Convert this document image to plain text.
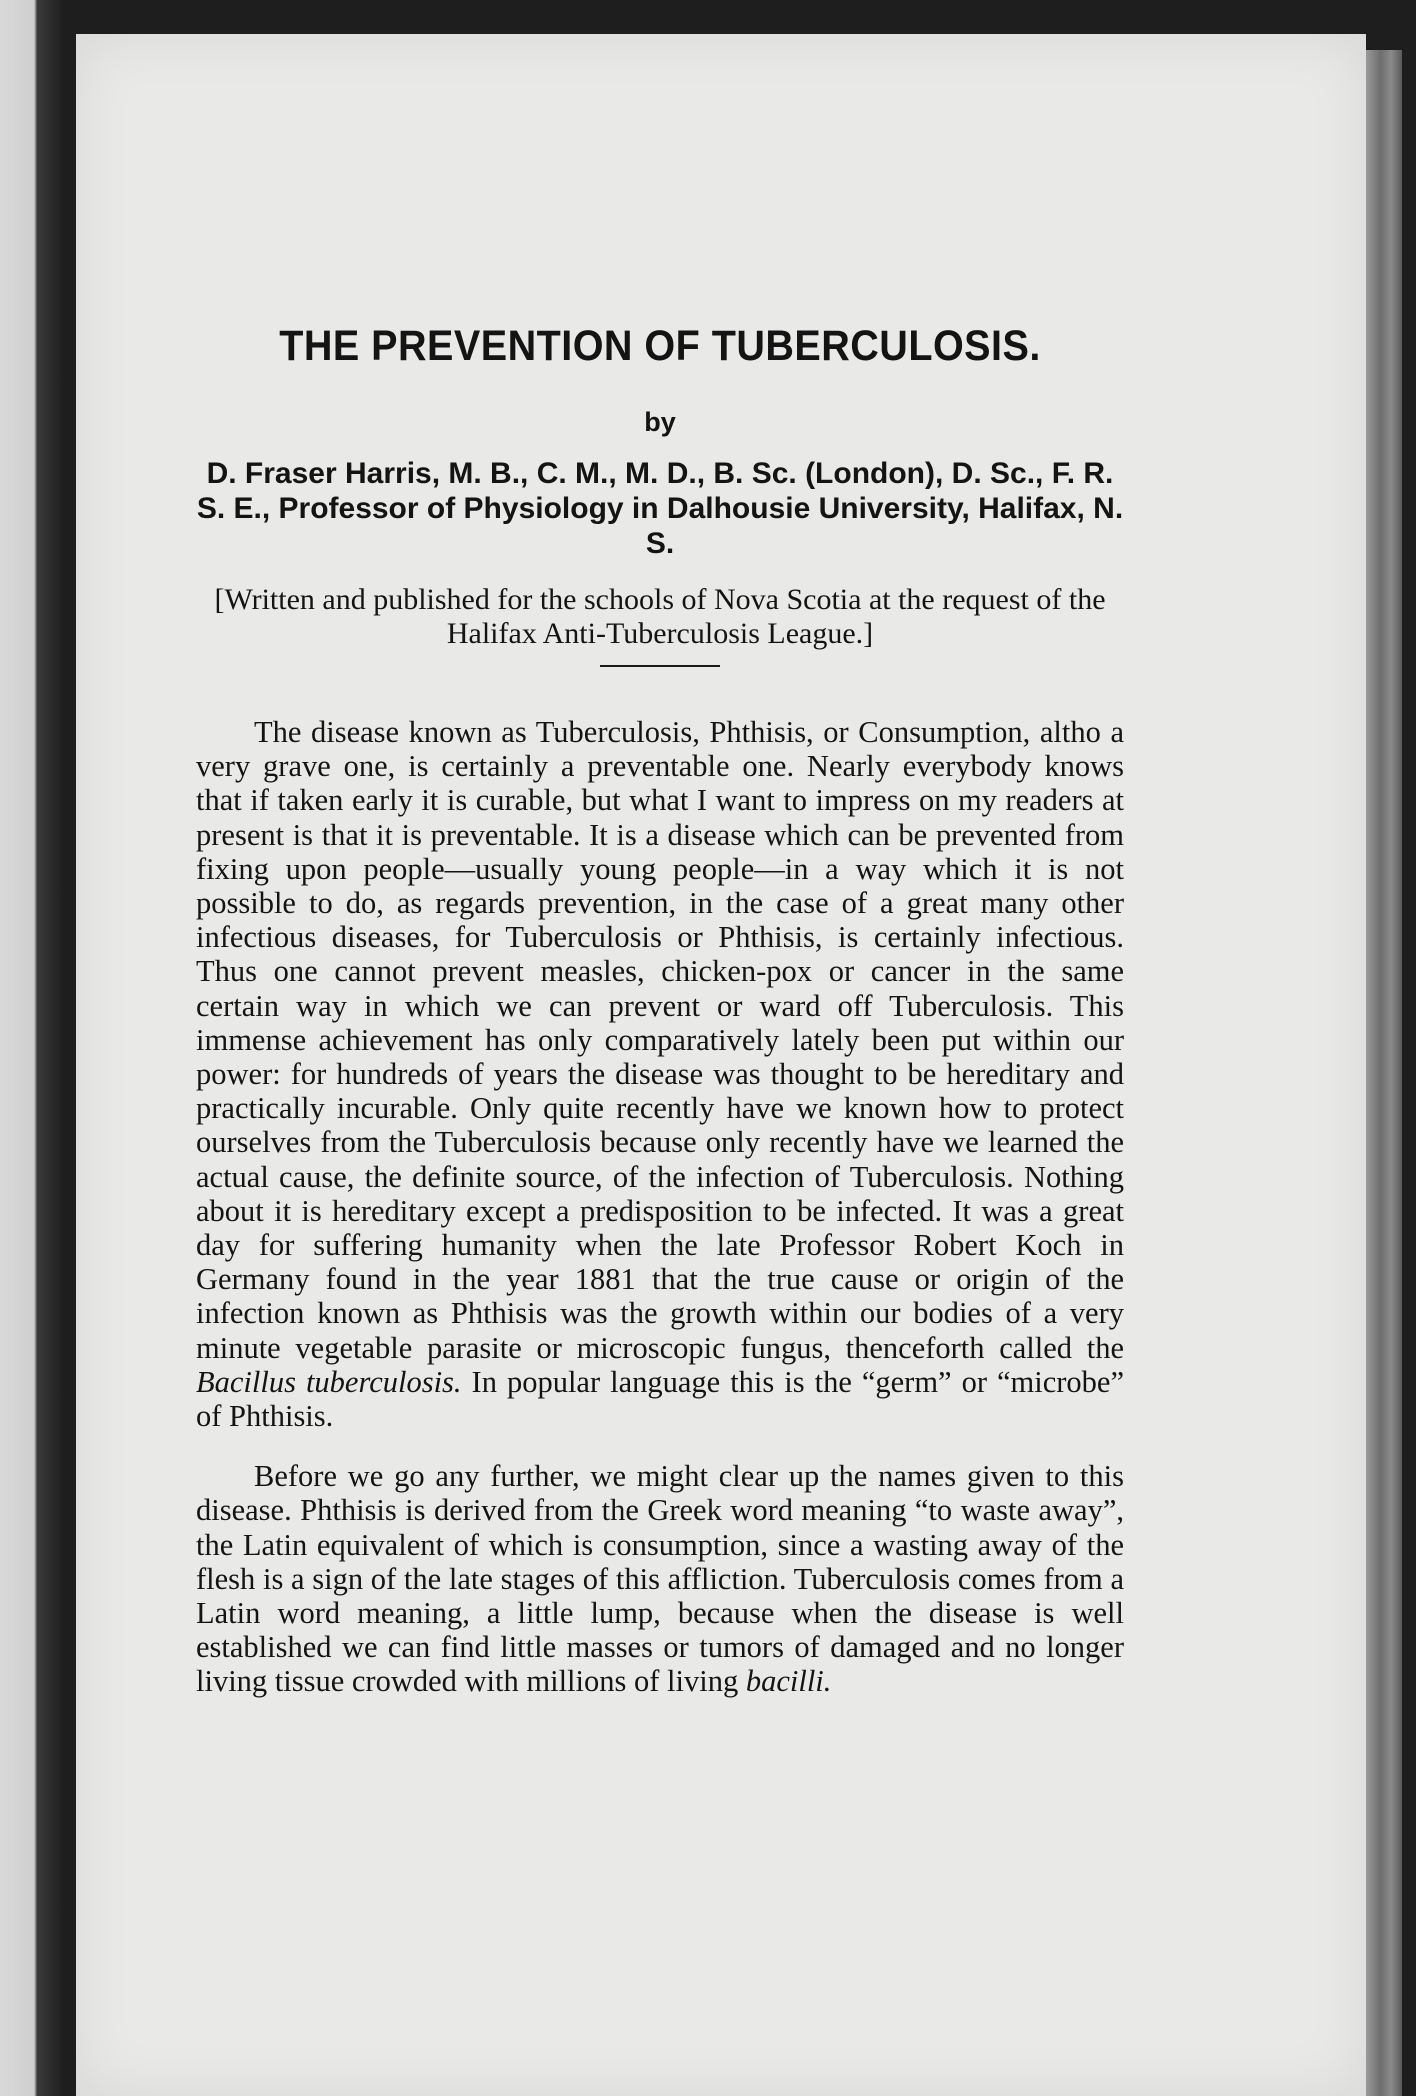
THE PREVENTION OF TUBERCULOSIS.
by
D. Fraser Harris, M. B., C. M., M. D., B. Sc. (London), D. Sc., F. R. S. E., Professor of Physiology in Dalhousie University, Halifax, N. S.
[Written and published for the schools of Nova Scotia at the request of the Halifax Anti-Tuberculosis League.]

The disease known as Tuberculosis, Phthisis, or Consumption, altho a very grave one, is certainly a preventable one. Nearly everybody knows that if taken early it is curable, but what I want to impress on my readers at present is that it is preventable. It is a disease which can be prevented from fixing upon people—usually young people—in a way which it is not possible to do, as regards prevention, in the case of a great many other infectious diseases, for Tuberculosis or Phthisis, is certainly infectious. Thus one cannot prevent measles, chicken-pox or cancer in the same certain way in which we can prevent or ward off Tuberculosis. This immense achievement has only comparatively lately been put within our power: for hundreds of years the disease was thought to be hereditary and practically incurable. Only quite recently have we known how to protect ourselves from the Tuberculosis because only recently have we learned the actual cause, the definite source, of the infection of Tuberculosis. Nothing about it is hereditary except a predisposition to be infected. It was a great day for suffering humanity when the late Professor Robert Koch in Germany found in the year 1881 that the true cause or origin of the infection known as Phthisis was the growth within our bodies of a very minute vegetable parasite or microscopic fungus, thenceforth called the Bacillus tuberculosis. In popular language this is the “germ” or “microbe” of Phthisis.

Before we go any further, we might clear up the names given to this disease. Phthisis is derived from the Greek word meaning “to waste away”, the Latin equivalent of which is consumption, since a wasting away of the flesh is a sign of the late stages of this affliction. Tuberculosis comes from a Latin word meaning, a little lump, because when the disease is well established we can find little masses or tumors of damaged and no longer living tissue crowded with millions of living bacilli.
